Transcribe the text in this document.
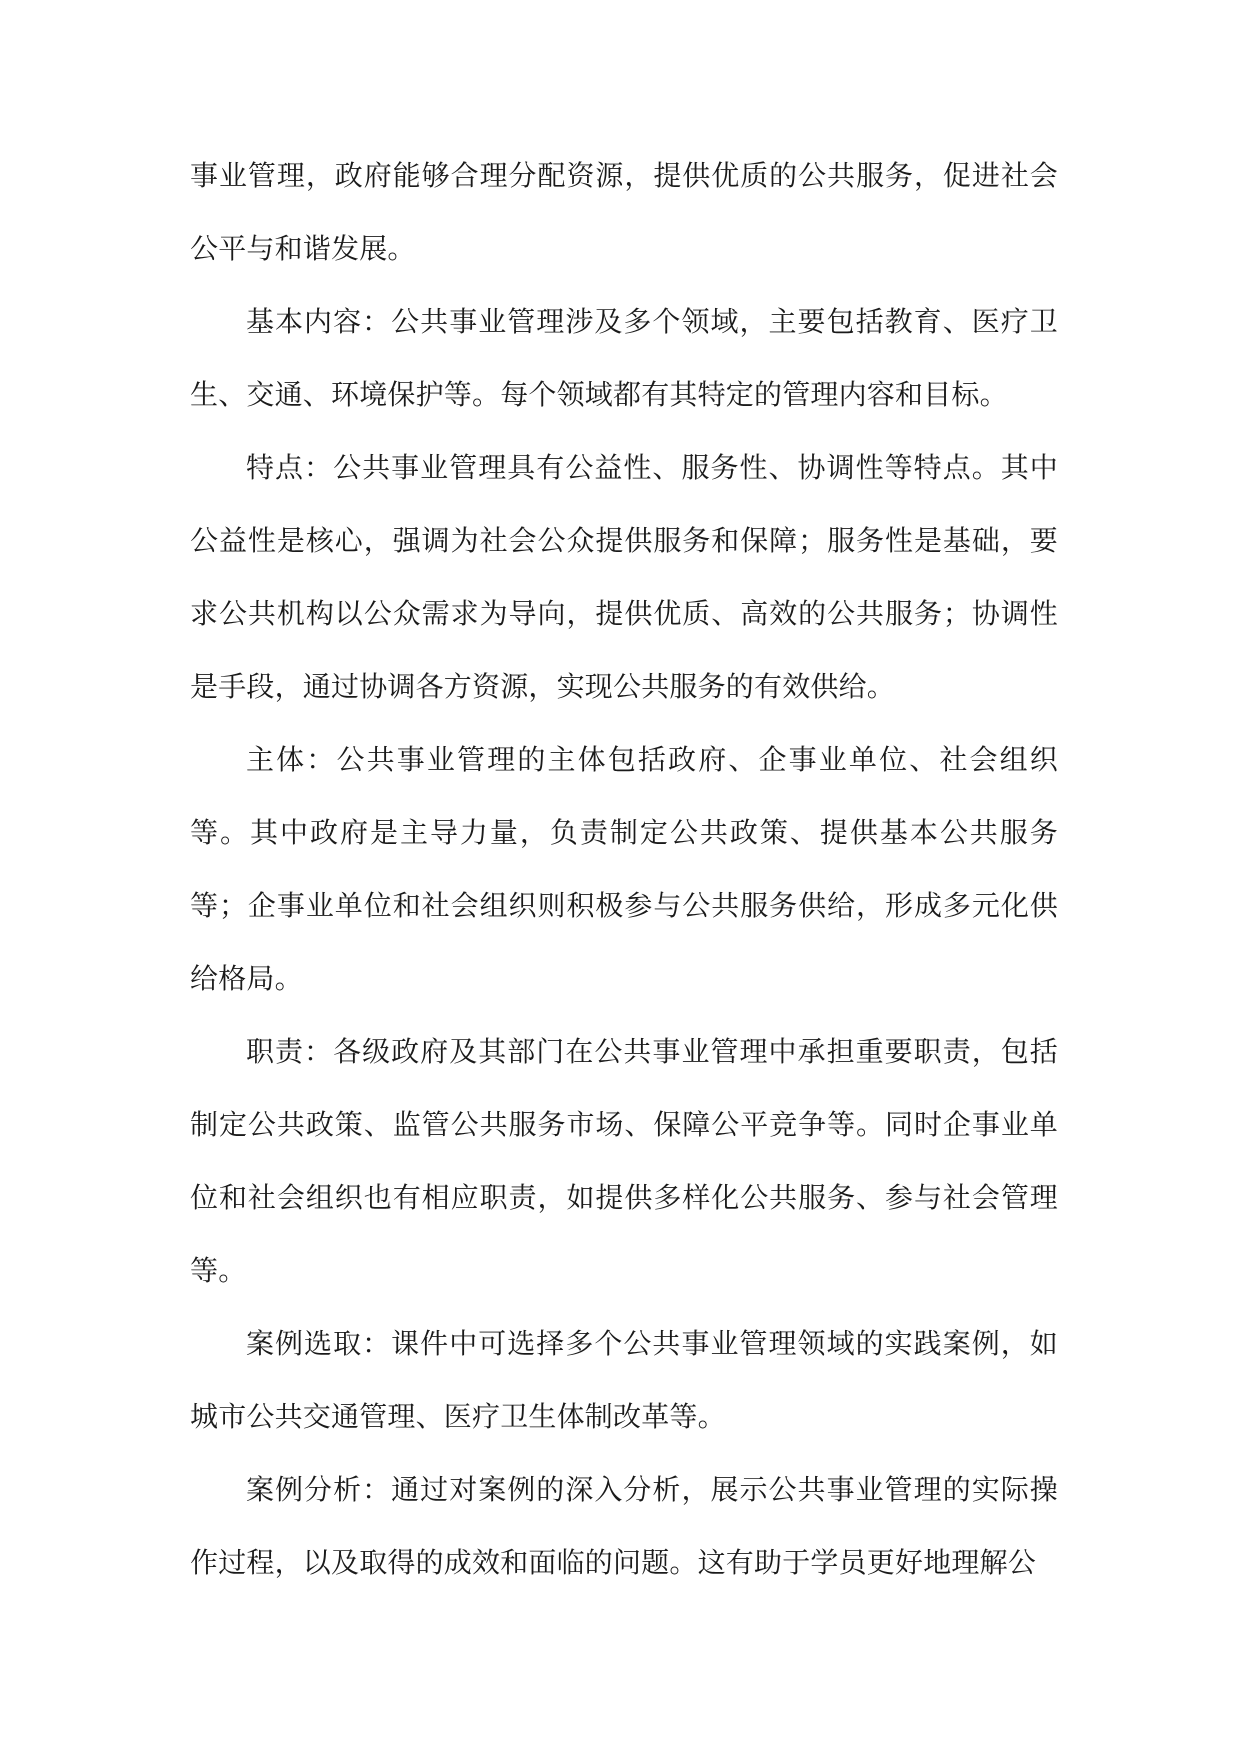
事业管理，政府能够合理分配资源，提供优质的公共服务，促进社会公平与和谐发展。

基本内容：公共事业管理涉及多个领域，主要包括教育、医疗卫生、交通、环境保护等。每个领域都有其特定的管理内容和目标。

特点：公共事业管理具有公益性、服务性、协调性等特点。其中公益性是核心，强调为社会公众提供服务和保障；服务性是基础，要求公共机构以公众需求为导向，提供优质、高效的公共服务；协调性是手段，通过协调各方资源，实现公共服务的有效供给。

主体：公共事业管理的主体包括政府、企事业单位、社会组织等。其中政府是主导力量，负责制定公共政策、提供基本公共服务等；企事业单位和社会组织则积极参与公共服务供给，形成多元化供给格局。

职责：各级政府及其部门在公共事业管理中承担重要职责，包括制定公共政策、监管公共服务市场、保障公平竞争等。同时企事业单位和社会组织也有相应职责，如提供多样化公共服务、参与社会管理等。

案例选取：课件中可选择多个公共事业管理领域的实践案例，如城市公共交通管理、医疗卫生体制改革等。

案例分析：通过对案例的深入分析，展示公共事业管理的实际操作过程，以及取得的成效和面临的问题。这有助于学员更好地理解公
